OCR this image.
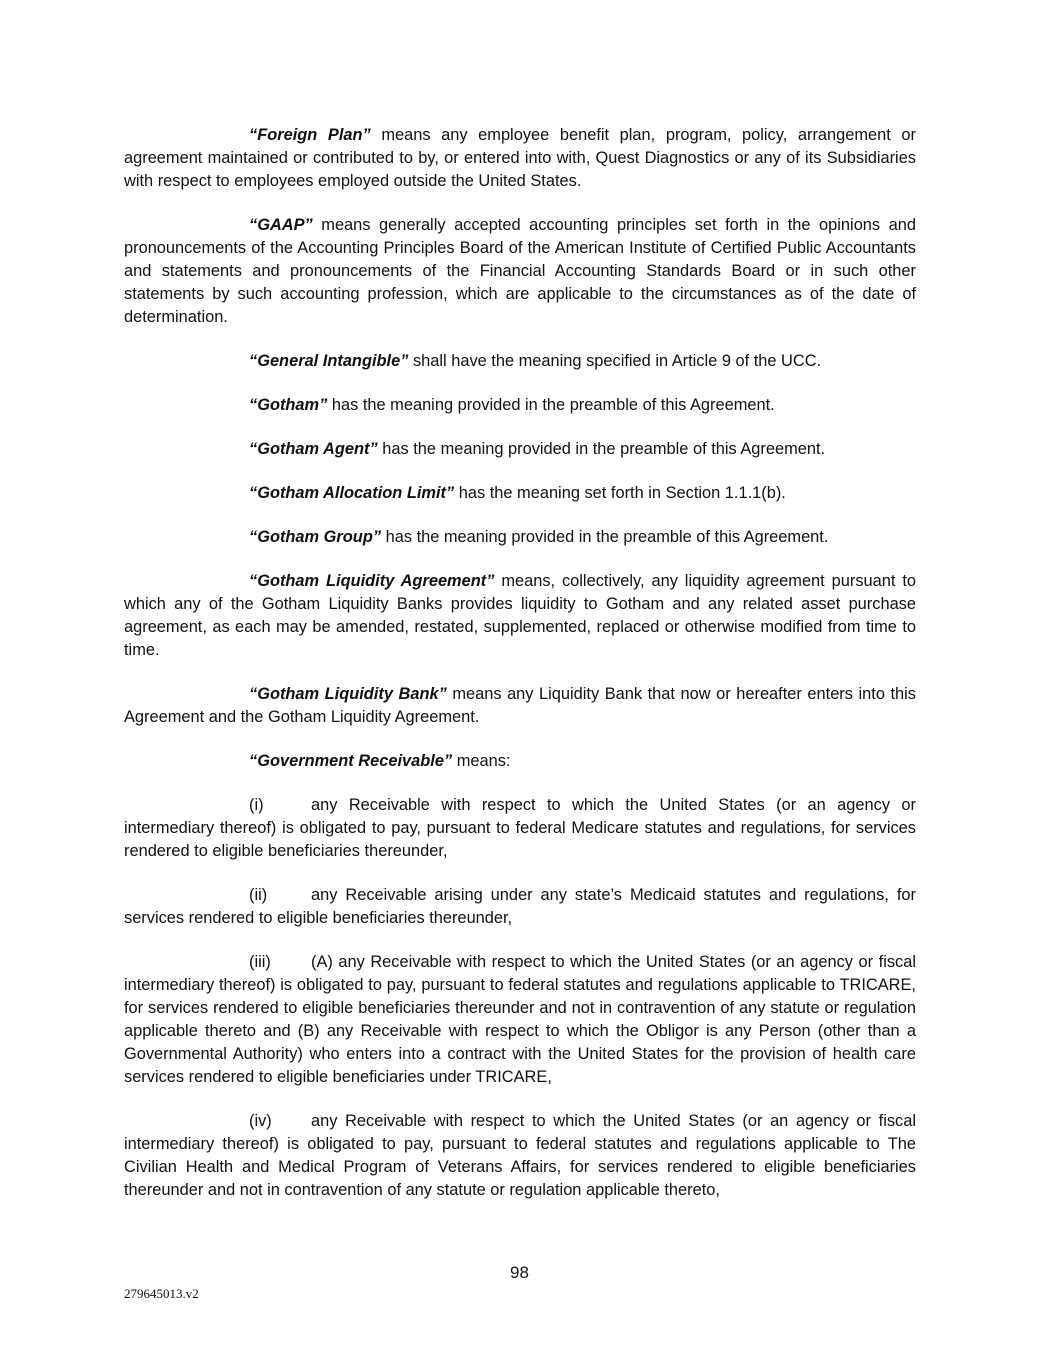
“Foreign Plan” means any employee benefit plan, program, policy, arrangement or agreement maintained or contributed to by, or entered into with, Quest Diagnostics or any of its Subsidiaries with respect to employees employed outside the United States.

“GAAP” means generally accepted accounting principles set forth in the opinions and pronouncements of the Accounting Principles Board of the American Institute of Certified Public Accountants and statements and pronouncements of the Financial Accounting Standards Board or in such other statements by such accounting profession, which are applicable to the circumstances as of the date of determination.

“General Intangible” shall have the meaning specified in Article 9 of the UCC.

“Gotham” has the meaning provided in the preamble of this Agreement.

“Gotham Agent” has the meaning provided in the preamble of this Agreement.

“Gotham Allocation Limit” has the meaning set forth in Section 1.1.1(b).

“Gotham Group” has the meaning provided in the preamble of this Agreement.

“Gotham Liquidity Agreement” means, collectively, any liquidity agreement pursuant to which any of the Gotham Liquidity Banks provides liquidity to Gotham and any related asset purchase agreement, as each may be amended, restated, supplemented, replaced or otherwise modified from time to time.

“Gotham Liquidity Bank” means any Liquidity Bank that now or hereafter enters into this Agreement and the Gotham Liquidity Agreement.

“Government Receivable” means:

(i)	any Receivable with respect to which the United States (or an agency or intermediary thereof) is obligated to pay, pursuant to federal Medicare statutes and regulations, for services rendered to eligible beneficiaries thereunder,

(ii)	any Receivable arising under any state’s Medicaid statutes and regulations, for services rendered to eligible beneficiaries thereunder,

(iii) (A) any Receivable with respect to which the United States (or an agency or fiscal intermediary thereof) is obligated to pay, pursuant to federal statutes and regulations applicable to TRICARE, for services rendered to eligible beneficiaries thereunder and not in contravention of any statute or regulation applicable thereto and (B) any Receivable with respect to which the Obligor is any Person (other than a Governmental Authority) who enters into a contract with the United States for the provision of health care services rendered to eligible beneficiaries under TRICARE,

(iv) any Receivable with respect to which the United States (or an agency or fiscal intermediary thereof) is obligated to pay, pursuant to federal statutes and regulations applicable to The Civilian Health and Medical Program of Veterans Affairs, for services rendered to eligible beneficiaries thereunder and not in contravention of any statute or regulation applicable thereto,

98
279645013.v2
